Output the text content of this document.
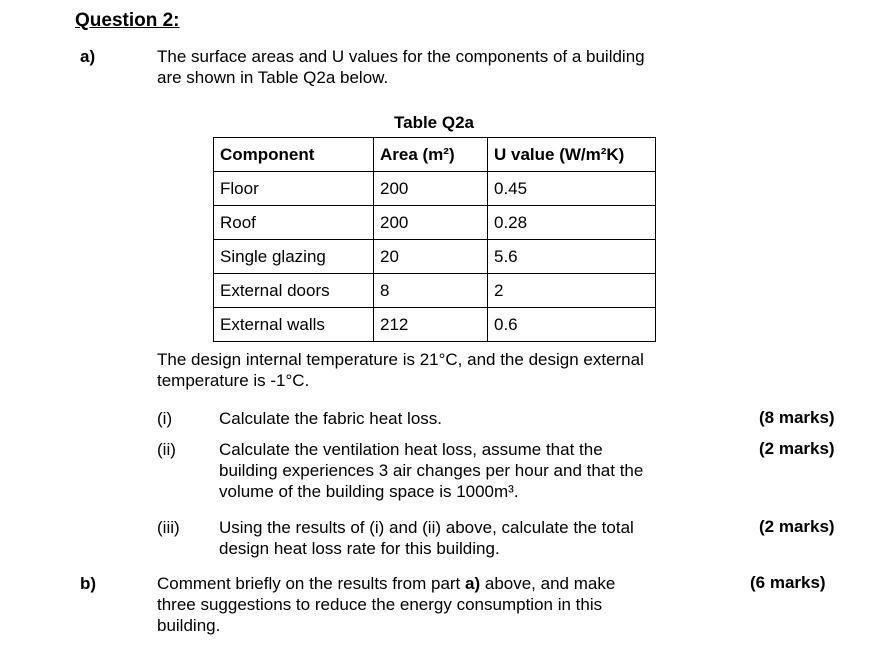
Question 2:
a)	The surface areas and U values for the components of a building
are shown in Table Q2a below.
Table Q2a
Component	Area (m²)	U value (W/m²K)
Floor	200	0.45
Roof	200	0.28
Single glazing	20	5.6
External doors	8	2
External walls	212	0.6
The design internal temperature is 21°C, and the design external
temperature is -1°C.
(i)	Calculate the fabric heat loss.	(8 marks)
(ii)	Calculate the ventilation heat loss, assume that the
building experiences 3 air changes per hour and that the
volume of the building space is 1000m³.
(2 marks)
(iii) Using the results of (i) and (ii) above, calculate the total
design heat loss rate for this building.
(2 marks)
b)	Comment briefly on the results from part a) above, and make
three suggestions to reduce the energy consumption in this
building.
(6 marks)
